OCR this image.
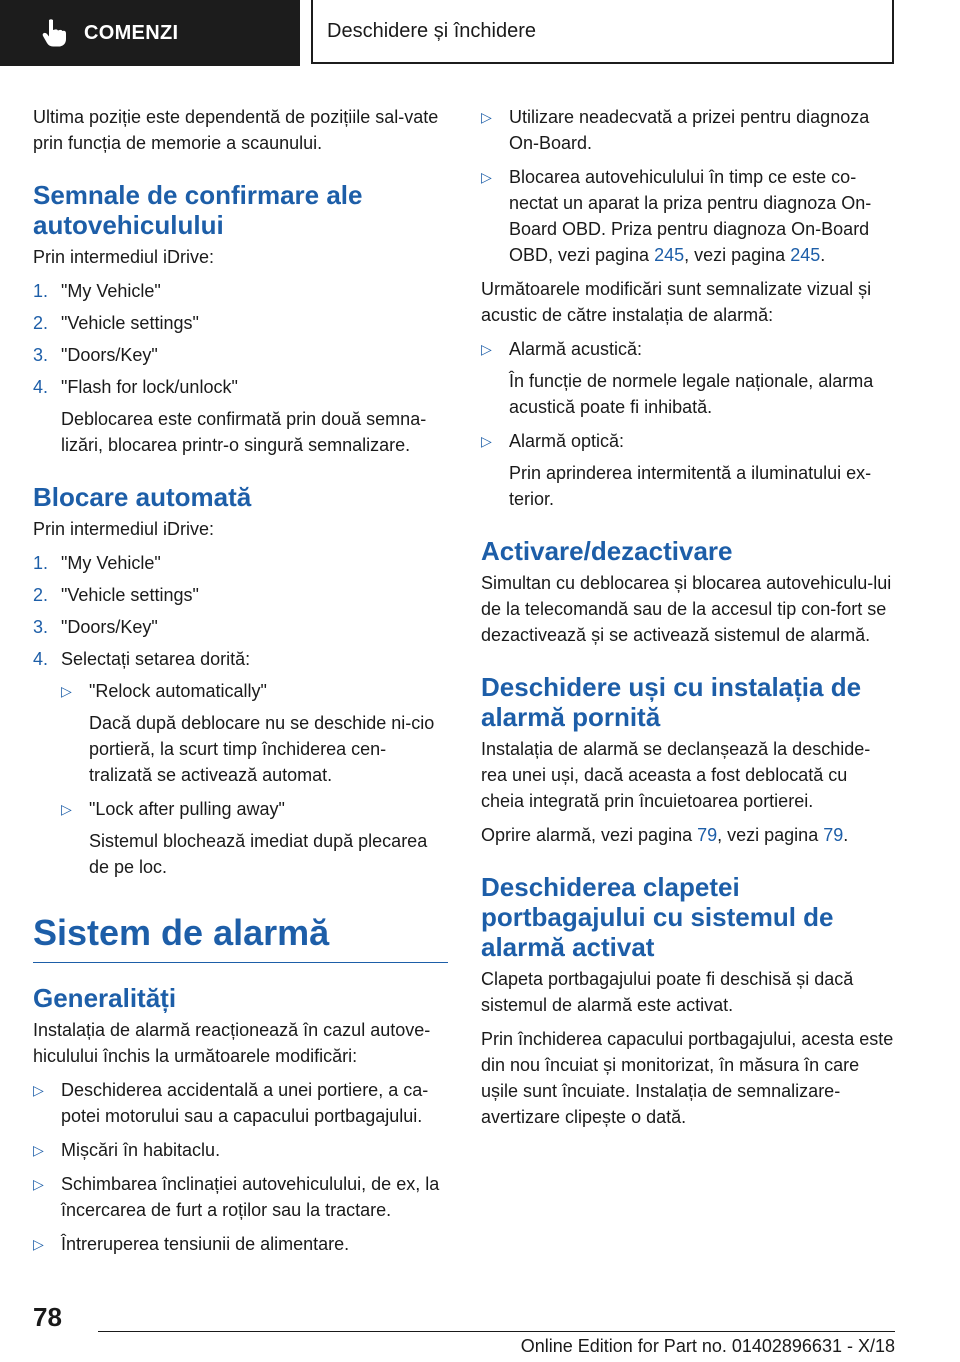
COMENZI	Deschidere și închidere

Ultima poziție este dependentă de pozițiile sal-vate prin funcția de memorie a scaunului.

Semnale de confirmare ale autovehiculului

Prin intermediul iDrive:

1. "My Vehicle"
2. "Vehicle settings"
3. "Doors/Key"
4. "Flash for lock/unlock"
Deblocarea este confirmată prin două semna-lizări, blocarea printr-o singură semnalizare.
Blocare automată

Prin intermediul iDrive:

1. "My Vehicle"
2. "Vehicle settings"
3. "Doors/Key"
4. Selectați setarea dorită:
▷ "Relock automatically"
Dacă după deblocare nu se deschide ni-cio portieră, la scurt timp închiderea cen-tralizată se activează automat.
▷ "Lock after pulling away"
Sistemul blochează imediat după plecarea de pe loc.
Sistem de alarmă
Generalități

Instalația de alarmă reacționează în cazul autove-hiculului închis la următoarele modificări:

▷ Deschiderea accidentală a unei portiere, a ca-potei motorului sau a capacului portbagajului.
▷ Mișcări în habitaclu.
▷ Schimbarea înclinației autovehiculului, de ex, la încercarea de furt a roților sau la tractare.
▷ Întreruperea tensiunii de alimentare.
▷ Utilizare neadecvată a prizei pentru diagnoza On-Board.
▷ Blocarea autovehiculului în timp ce este co-nectat un aparat la priza pentru diagnoza On-Board OBD. Priza pentru diagnoza On-Board OBD, vezi pagina 245, vezi pagina 245.

Următoarele modificări sunt semnalizate vizual și acustic de către instalația de alarmă:

▷ Alarmă acustică:
În funcție de normele legale naționale, alarma acustică poate fi inhibată.
▷ Alarmă optică:
Prin aprinderea intermitentă a iluminatului ex-terior.
Activare/dezactivare

Simultan cu deblocarea și blocarea autovehiculu-lui de la telecomandă sau de la accesul tip con-fort se dezactivează și se activează sistemul de alarmă.

Deschidere uși cu instalația de alarmă pornită

Instalația de alarmă se declanșează la deschide-rea unei uși, dacă aceasta a fost deblocată cu cheia integrată prin încuietoarea portierei.

Oprire alarmă, vezi pagina 79, vezi pagina 79.

Deschiderea clapetei portbagajului cu sistemul de alarmă activat

Clapeta portbagajului poate fi deschisă și dacă sistemul de alarmă este activat.

Prin închiderea capacului portbagajului, acesta este din nou încuiat și monitorizat, în măsura în care ușile sunt încuiate. Instalația de semnalizare-avertizare clipește o dată.

78
Online Edition for Part no. 01402896631 - X/18
